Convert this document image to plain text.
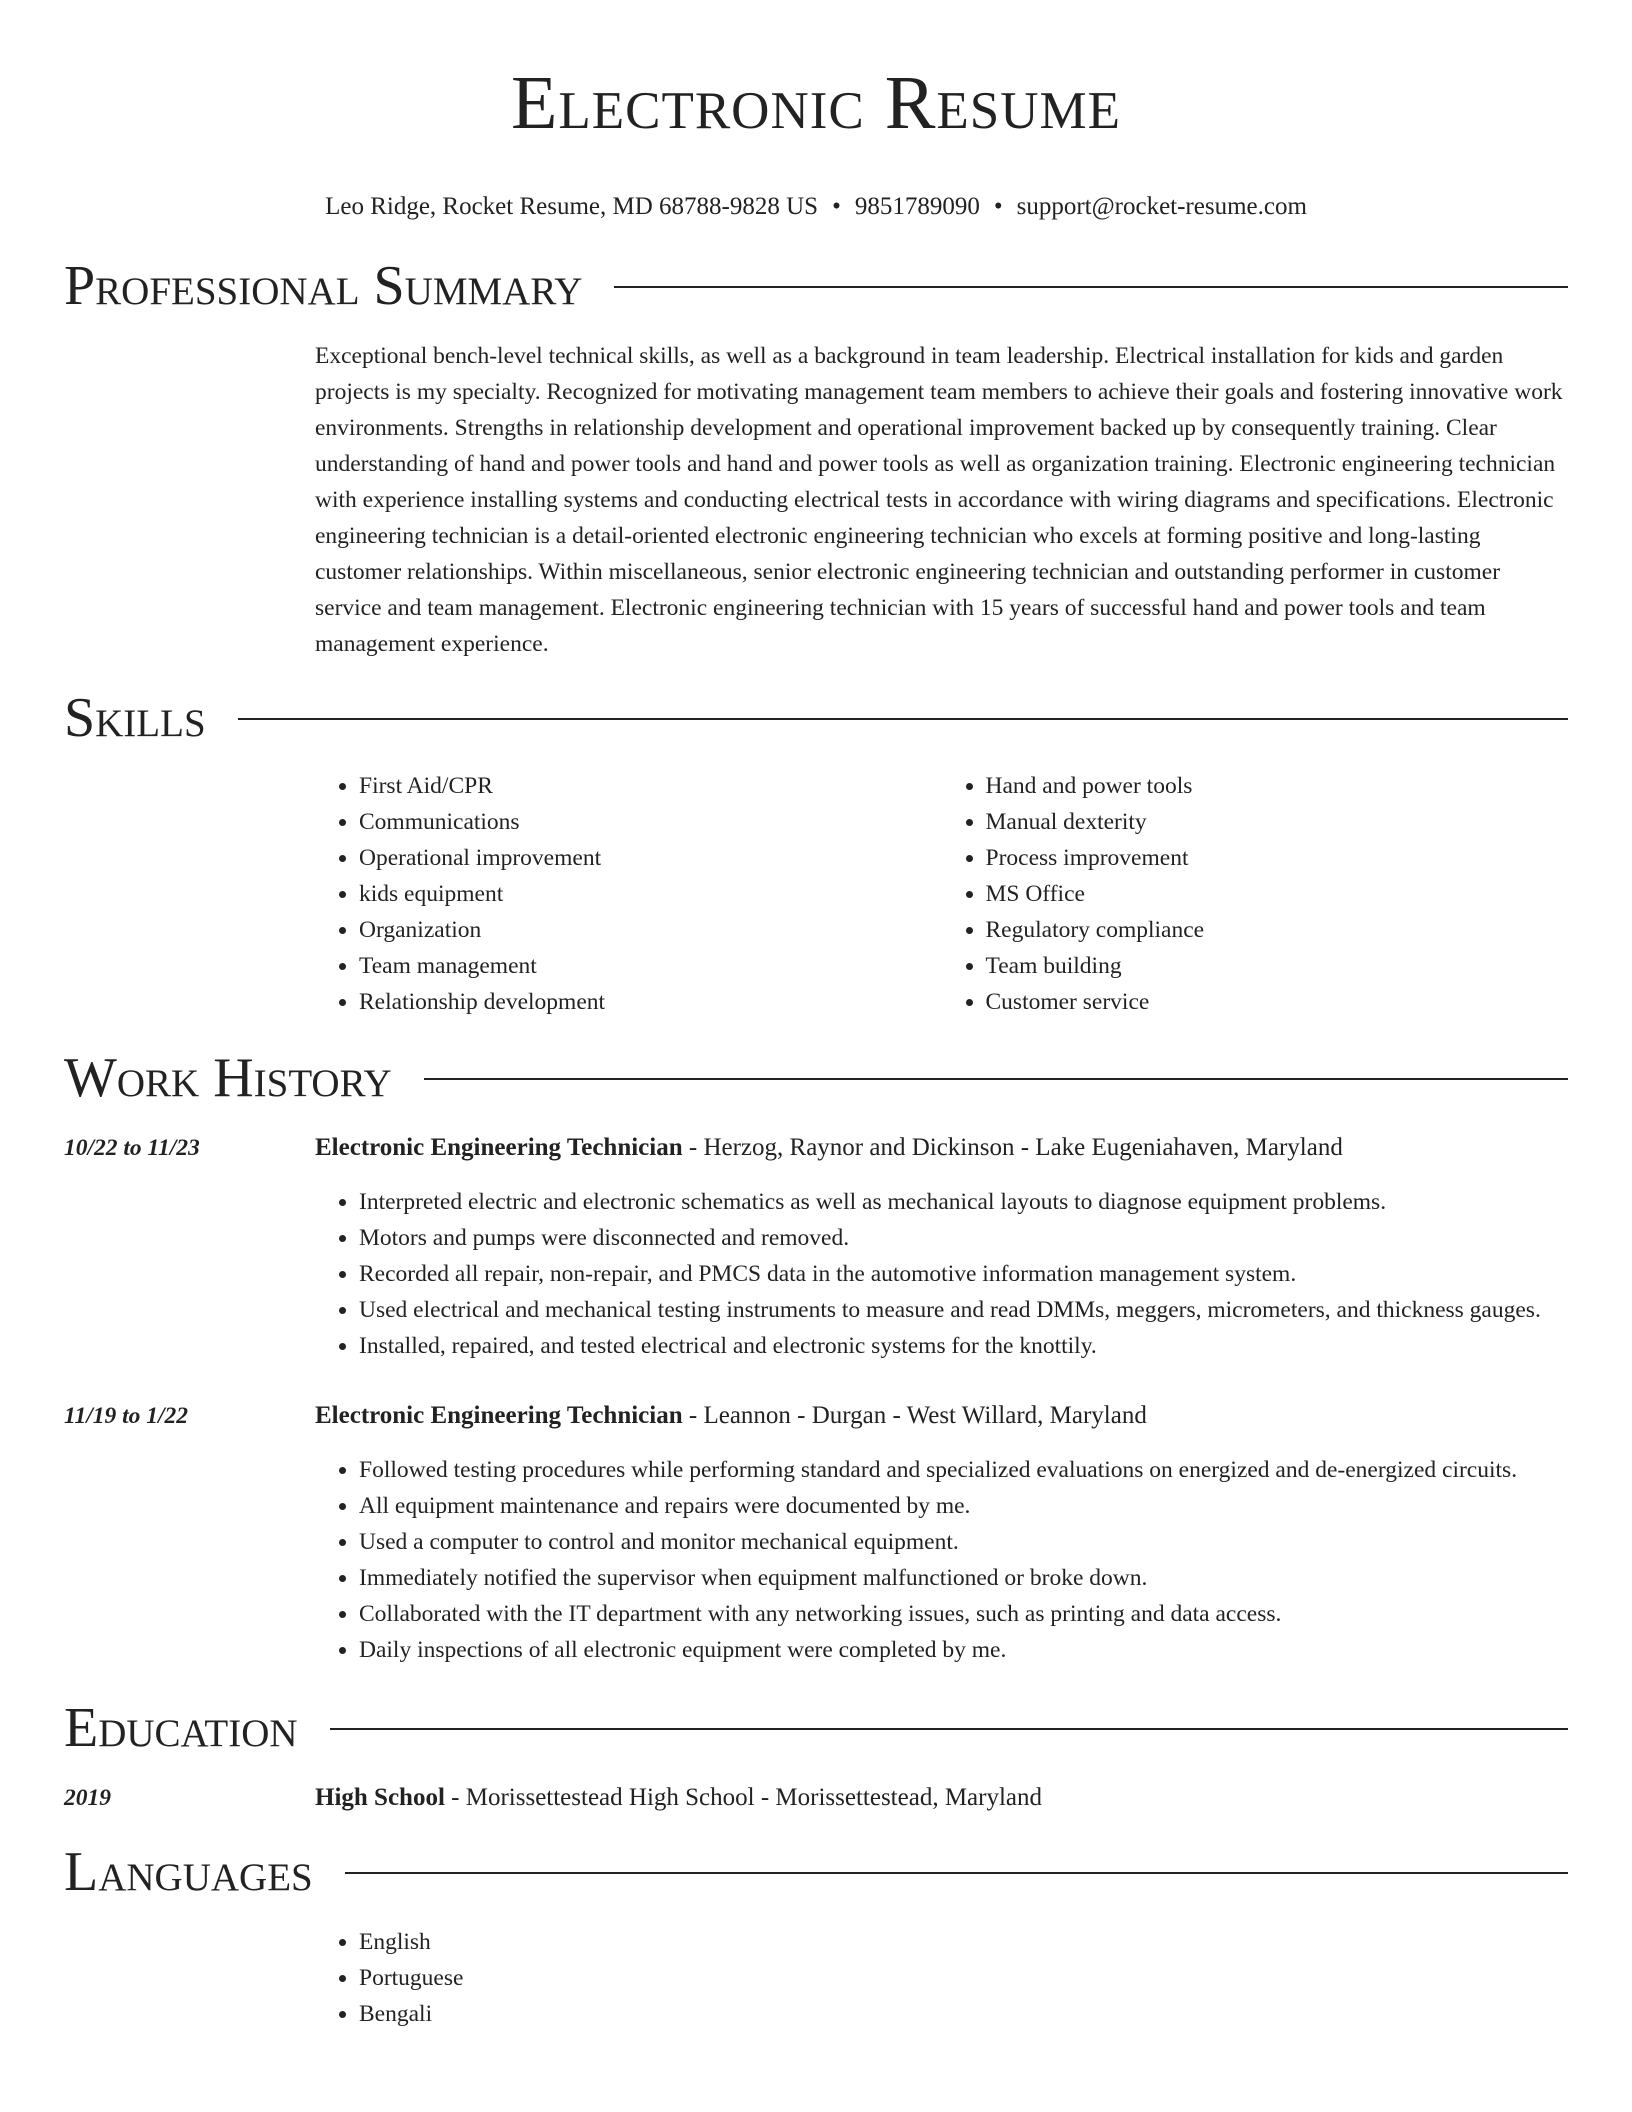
Electronic Resume
Leo Ridge, Rocket Resume, MD 68788-9828 US • 9851789090 • support@rocket-resume.com
Professional Summary
Exceptional bench-level technical skills, as well as a background in team leadership. Electrical installation for kids and garden projects is my specialty. Recognized for motivating management team members to achieve their goals and fostering innovative work environments. Strengths in relationship development and operational improvement backed up by consequently training. Clear understanding of hand and power tools and hand and power tools as well as organization training. Electronic engineering technician with experience installing systems and conducting electrical tests in accordance with wiring diagrams and specifications. Electronic engineering technician is a detail-oriented electronic engineering technician who excels at forming positive and long-lasting customer relationships. Within miscellaneous, senior electronic engineering technician and outstanding performer in customer service and team management. Electronic engineering technician with 15 years of successful hand and power tools and team management experience.
Skills
• First Aid/CPR
• Communications
• Operational improvement
• kids equipment
• Organization
• Team management
• Relationship development
• Hand and power tools
• Manual dexterity
• Process improvement
• MS Office
• Regulatory compliance
• Team building
• Customer service
Work History
10/22 to 11/23	Electronic Engineering Technician - Herzog, Raynor and Dickinson - Lake Eugeniahaven, Maryland
• Interpreted electric and electronic schematics as well as mechanical layouts to diagnose equipment problems.
• Motors and pumps were disconnected and removed.
• Recorded all repair, non-repair, and PMCS data in the automotive information management system.
• Used electrical and mechanical testing instruments to measure and read DMMs, meggers, micrometers, and thickness gauges.
• Installed, repaired, and tested electrical and electronic systems for the knottily.
11/19 to 1/22	Electronic Engineering Technician - Leannon - Durgan - West Willard, Maryland
• Followed testing procedures while performing standard and specialized evaluations on energized and de-energized circuits.
• All equipment maintenance and repairs were documented by me.
• Used a computer to control and monitor mechanical equipment.
• Immediately notified the supervisor when equipment malfunctioned or broke down.
• Collaborated with the IT department with any networking issues, such as printing and data access.
• Daily inspections of all electronic equipment were completed by me.
Education
2019	High School - Morissettestead High School - Morissettestead, Maryland
Languages
• English
• Portuguese
• Bengali
